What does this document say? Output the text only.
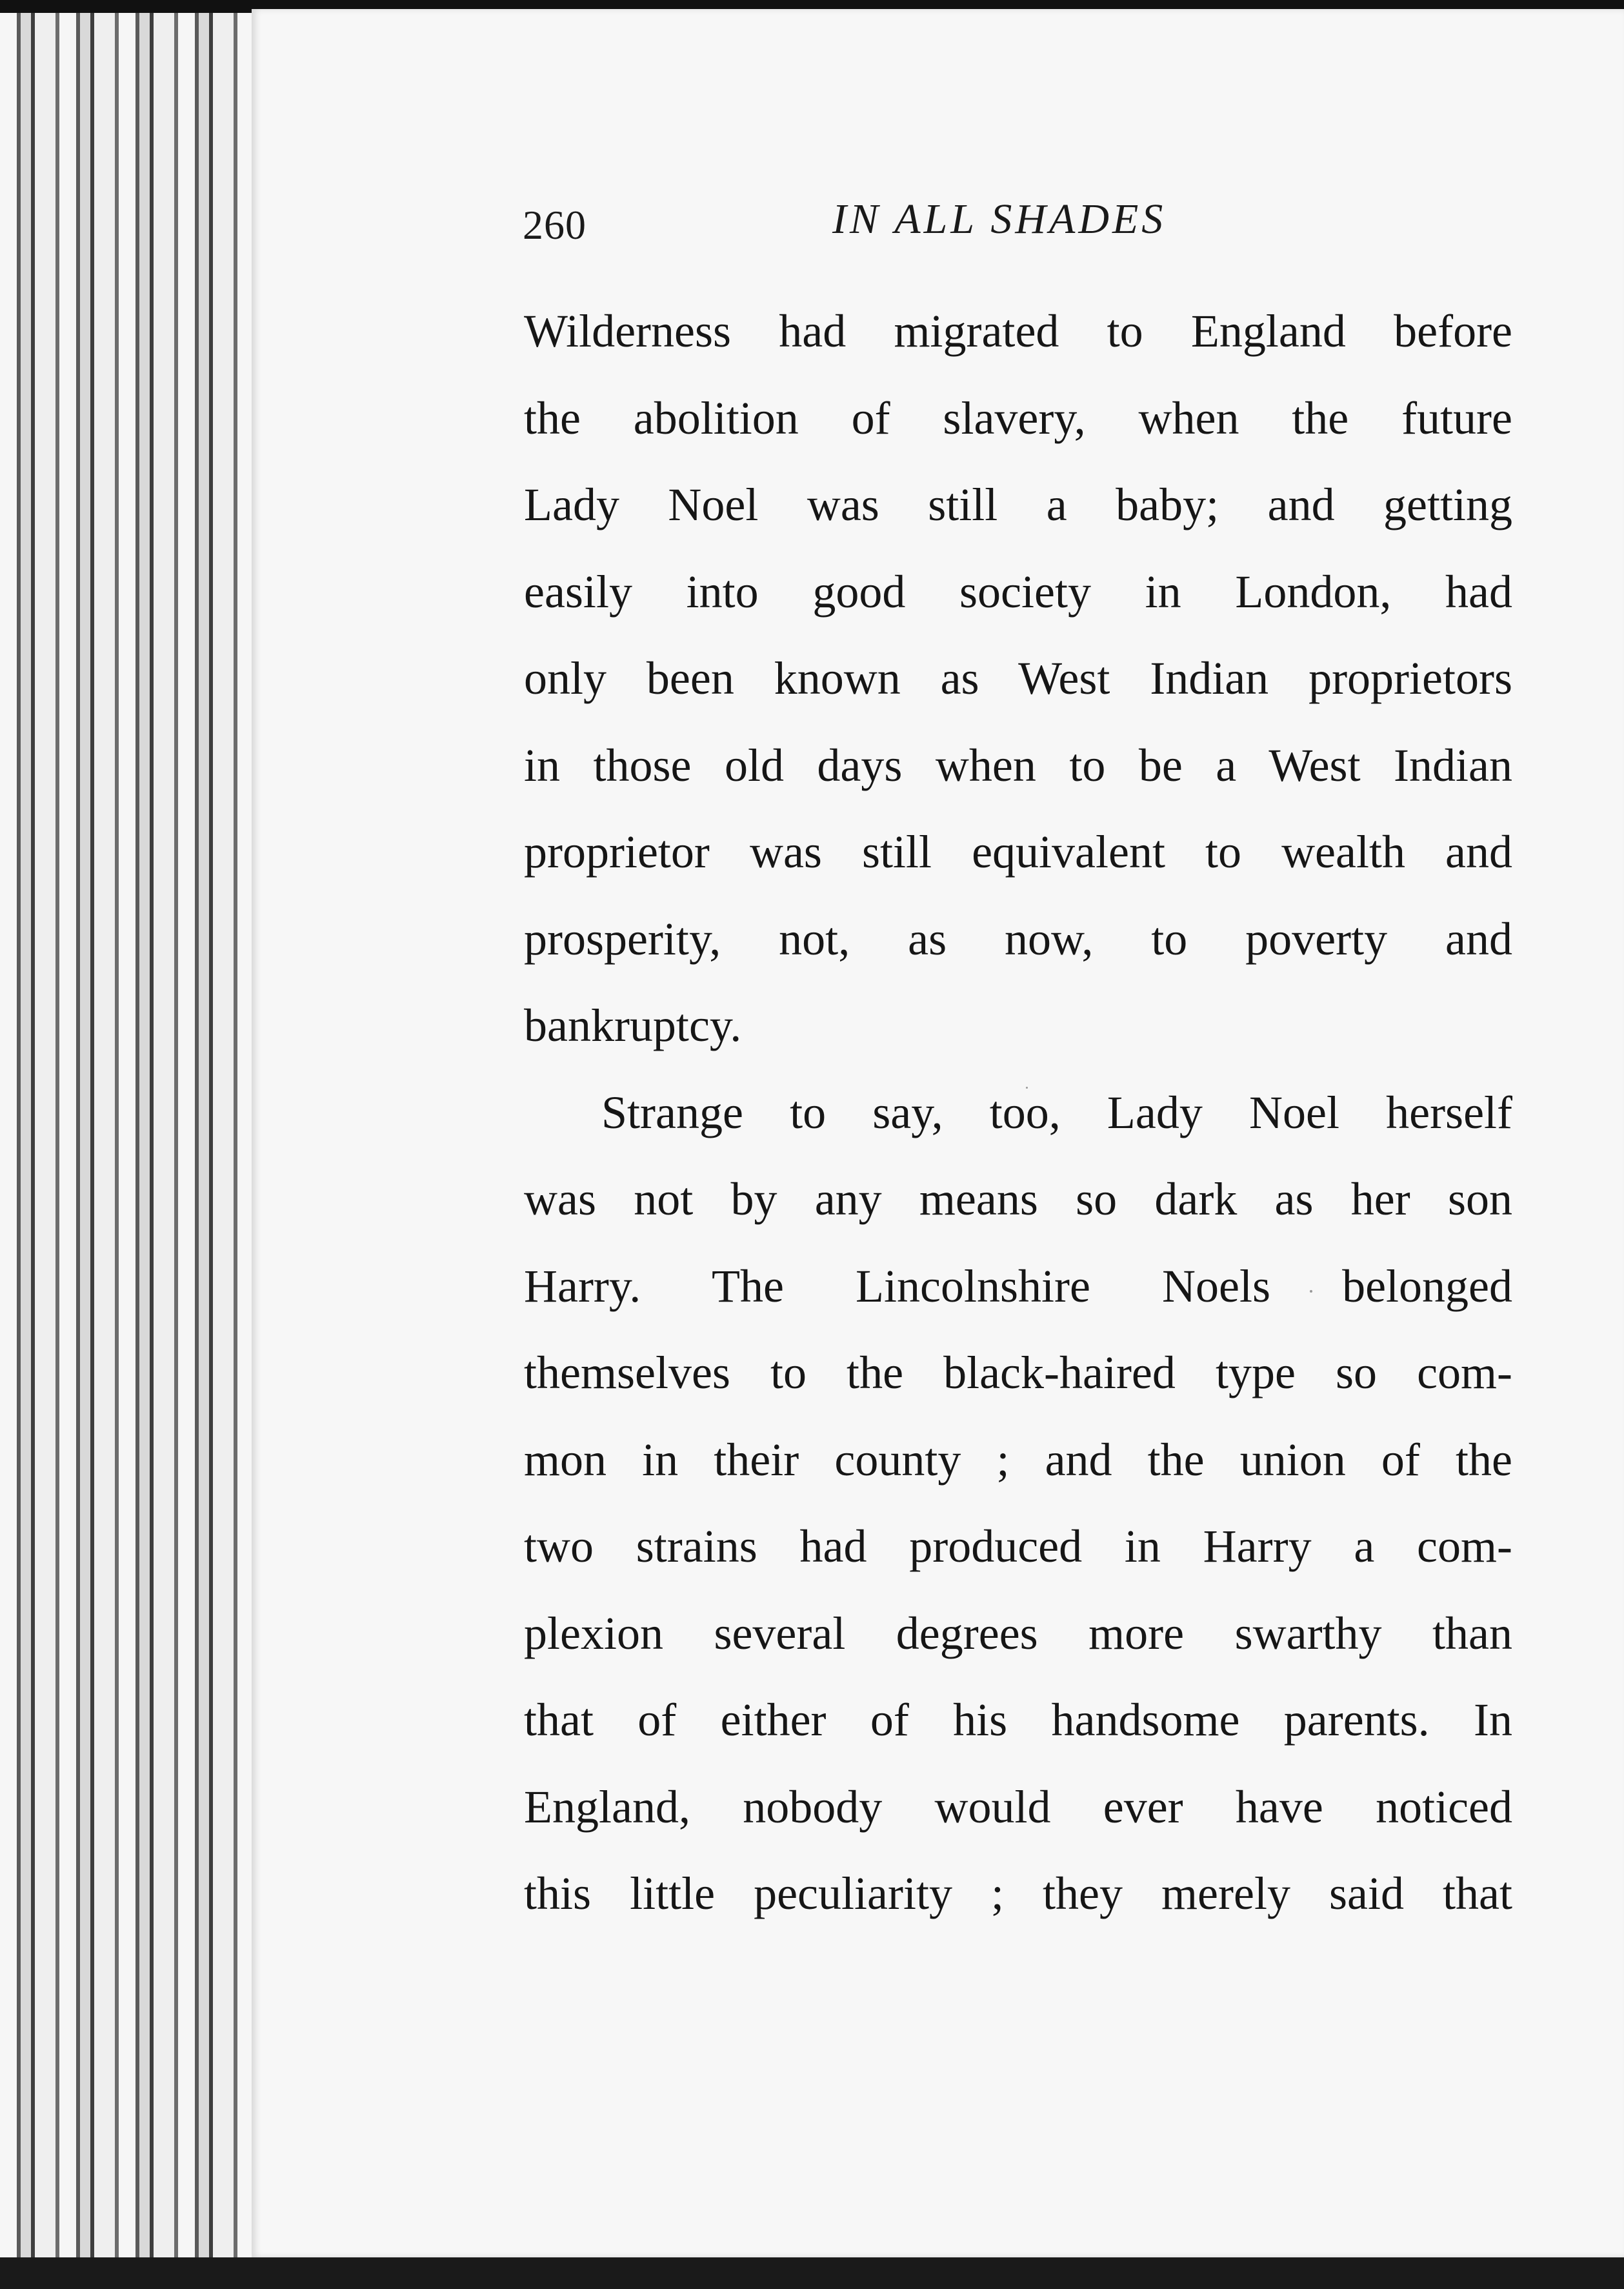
260	IN ALL SHADES
Wilderness had migrated to England before
the abolition of slavery, when the future
Lady Noel was still a baby; and getting
easily into good society in London, had
only been known as West Indian proprietors
in those old days when to be a West Indian
proprietor was still equivalent to wealth and
prosperity, not, as now, to poverty and
bankruptcy.
Strange to say, too, Lady Noel herself
was not by any means so dark as her son
Harry. The Lincolnshire Noels belonged
themselves to the black-haired type so com-
mon in their county ; and the union of the
two strains had produced in Harry a com-
plexion several degrees more swarthy than
that of either of his handsome parents. In
England, nobody would ever have noticed
this little peculiarity ; they merely said that
